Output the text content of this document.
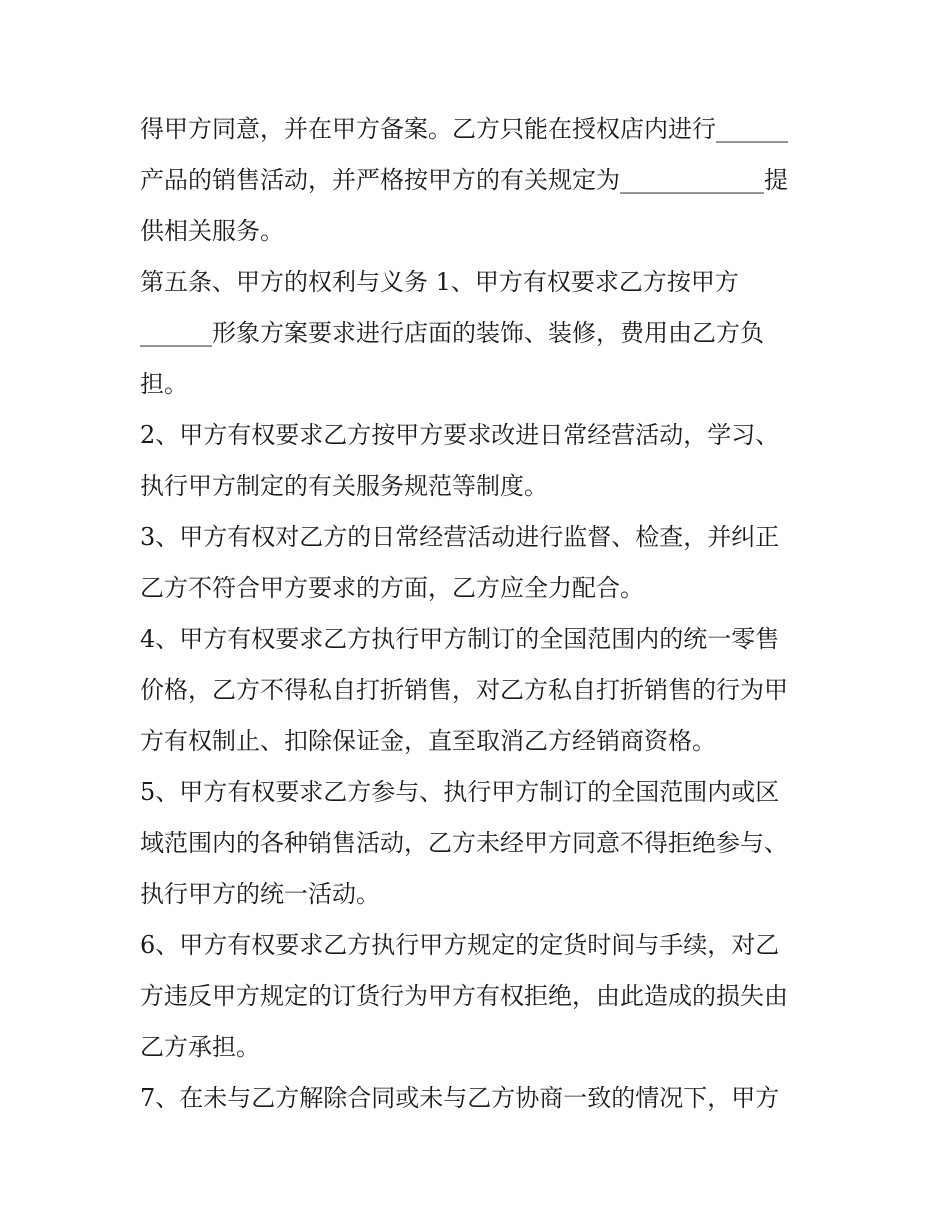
得甲方同意，并在甲方备案。乙方只能在授权店内进行______
产品的销售活动，并严格按甲方的有关规定为____________提
供相关服务。
第五条、甲方的权利与义务 1、甲方有权要求乙方按甲方
______形象方案要求进行店面的装饰、装修，费用由乙方负
担。
2、甲方有权要求乙方按甲方要求改进日常经营活动，学习、
执行甲方制定的有关服务规范等制度。
3、甲方有权对乙方的日常经营活动进行监督、检查，并纠正
乙方不符合甲方要求的方面，乙方应全力配合。
4、甲方有权要求乙方执行甲方制订的全国范围内的统一零售
价格，乙方不得私自打折销售，对乙方私自打折销售的行为甲
方有权制止、扣除保证金，直至取消乙方经销商资格。
5、甲方有权要求乙方参与、执行甲方制订的全国范围内或区
域范围内的各种销售活动，乙方未经甲方同意不得拒绝参与、
执行甲方的统一活动。
6、甲方有权要求乙方执行甲方规定的定货时间与手续，对乙
方违反甲方规定的订货行为甲方有权拒绝，由此造成的损失由
乙方承担。
7、在未与乙方解除合同或未与乙方协商一致的情况下，甲方
